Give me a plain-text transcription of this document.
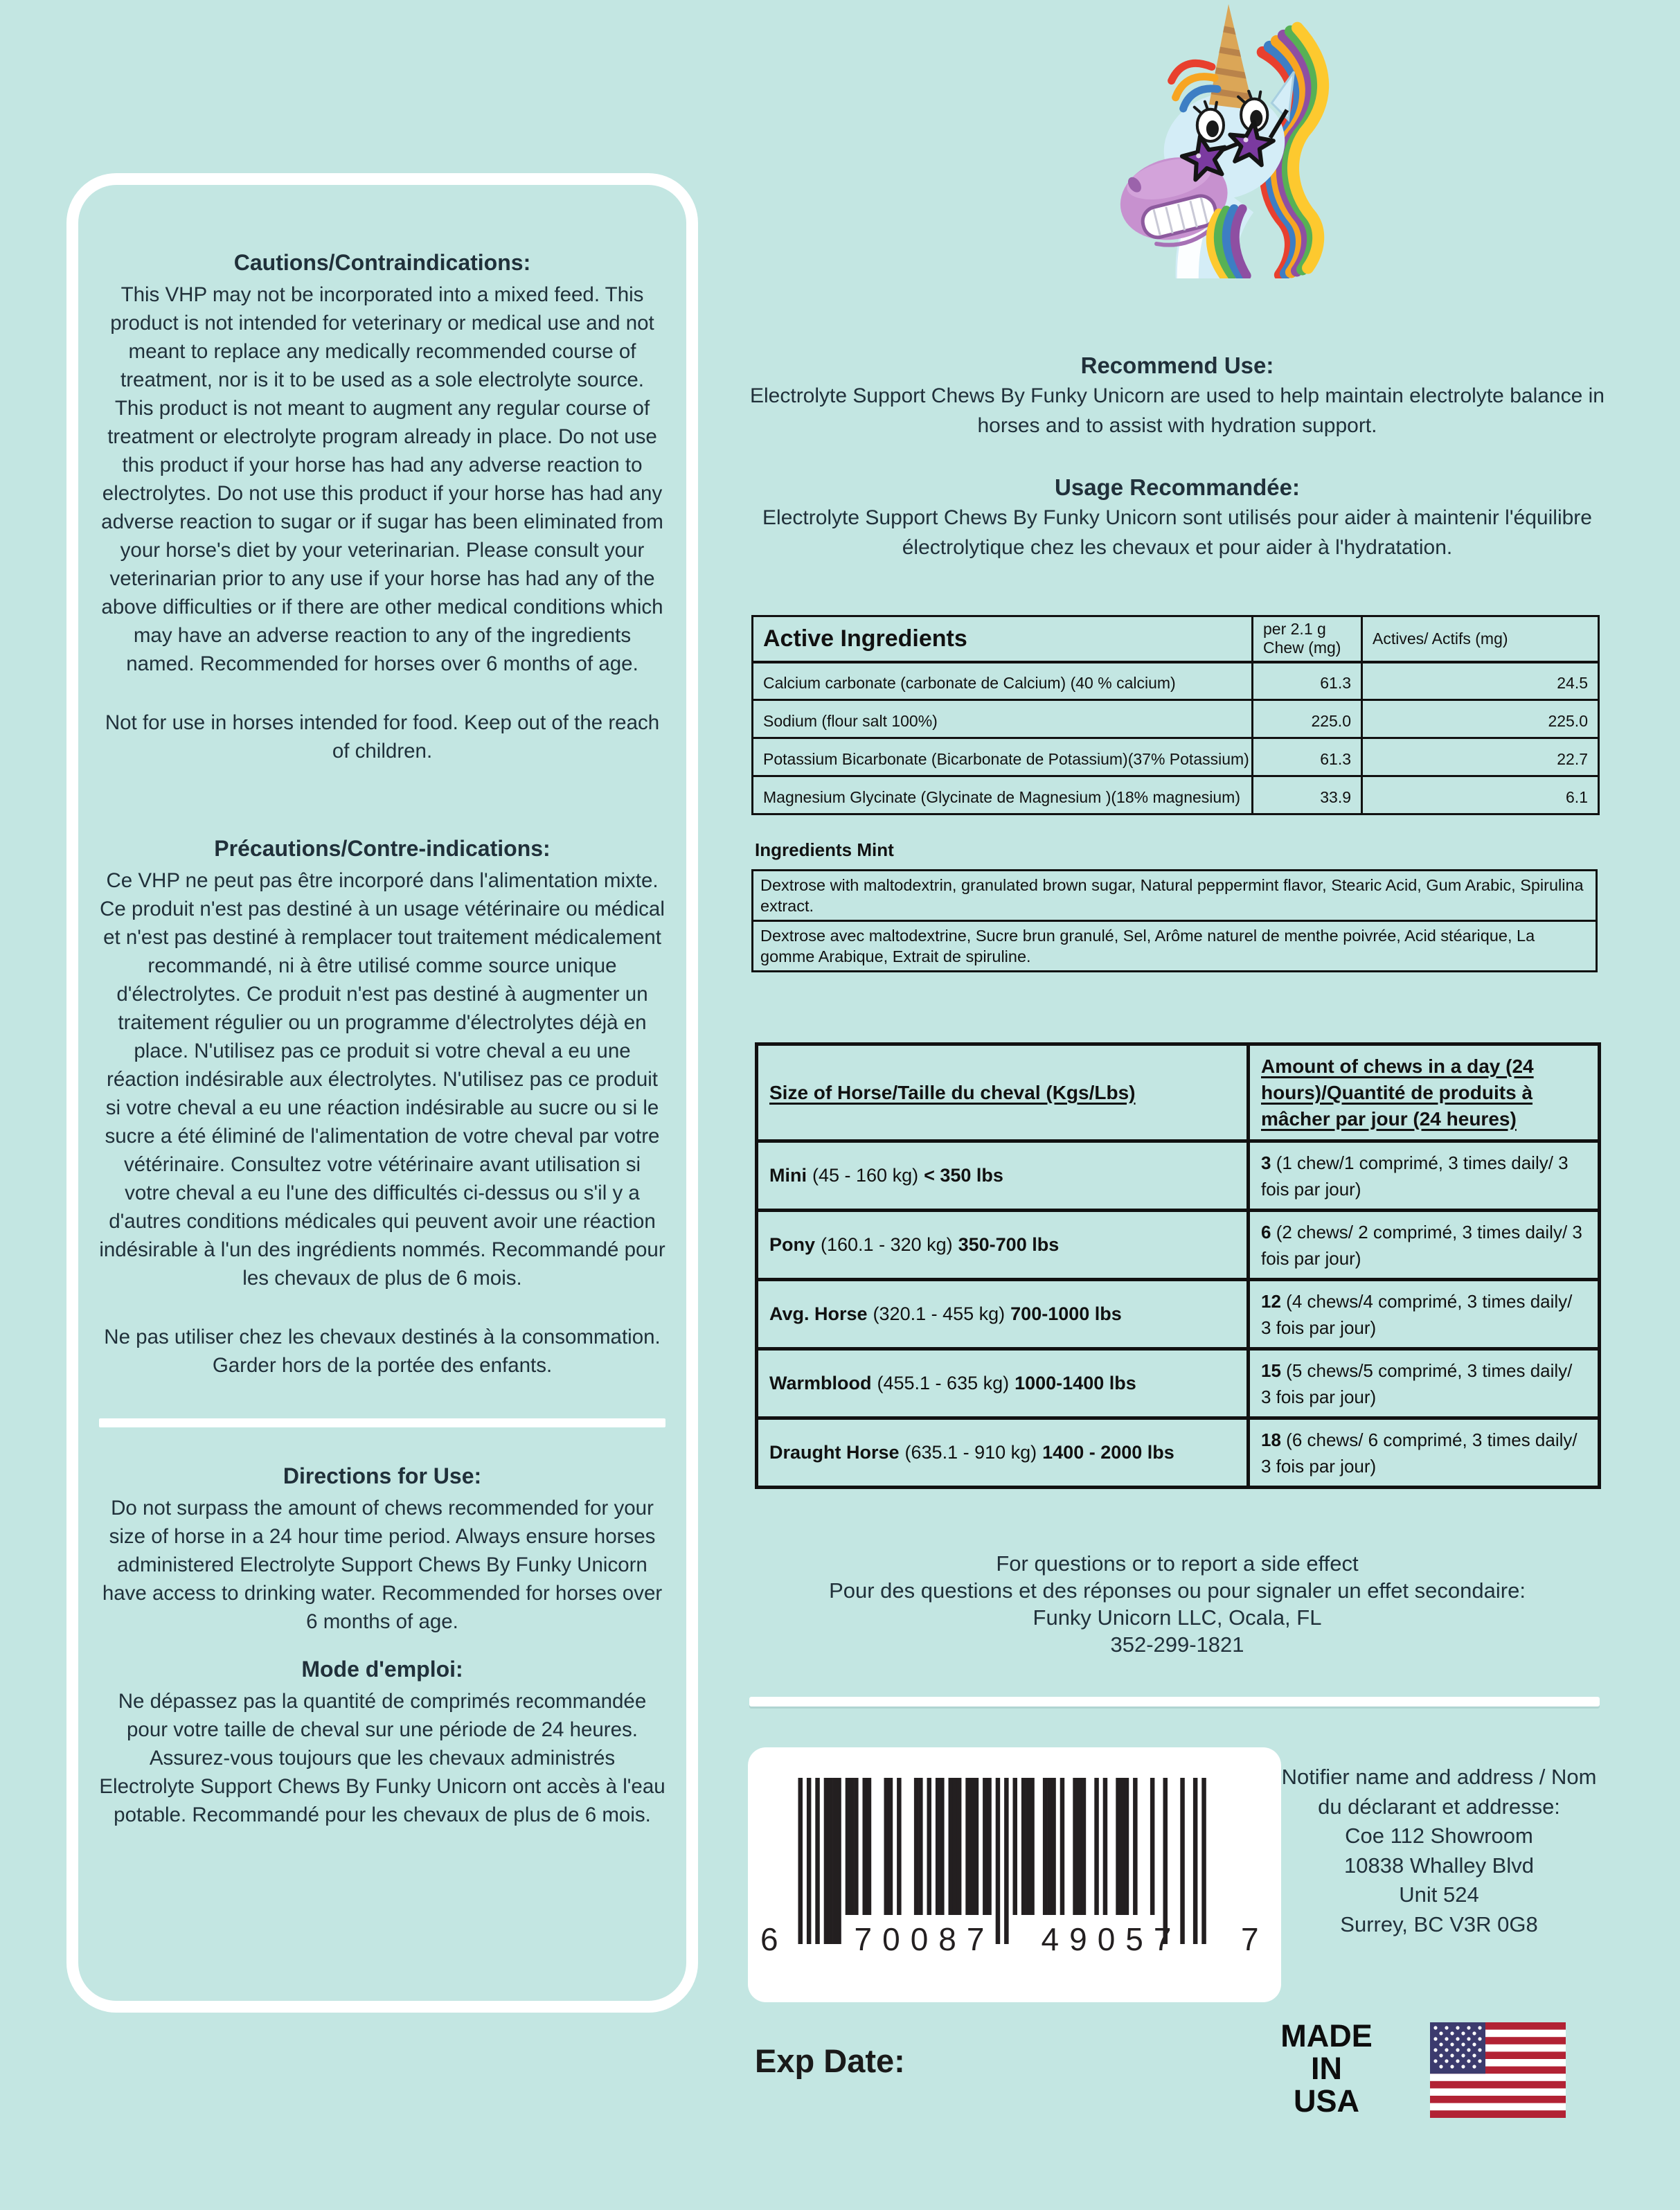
Cautions/Contraindications:

This VHP may not be incorporated into a mixed feed. This product is not intended for veterinary or medical use and not meant to replace any medically recommended course of treatment, nor is it to be used as a sole electrolyte source. This product is not meant to augment any regular course of treatment or electrolyte program already in place. Do not use this product if your horse has had any adverse reaction to electrolytes. Do not use this product if your horse has had any adverse reaction to sugar or if sugar has been eliminated from your horse's diet by your veterinarian. Please consult your veterinarian prior to any use if your horse has had any of the above difficulties or if there are other medical conditions which may have an adverse reaction to any of the ingredients named. Recommended for horses over 6 months of age.

Not for use in horses intended for food. Keep out of the reach of children.

Précautions/Contre-indications:

Ce VHP ne peut pas être incorporé dans l'alimentation mixte.

Ce produit n'est pas destiné à un usage vétérinaire ou médical et n'est pas destiné à remplacer tout traitement médicalement recommandé, ni à être utilisé comme source unique d'électrolytes. Ce produit n'est pas destiné à augmenter un traitement régulier ou un programme d'électrolytes déjà en place. N'utilisez pas ce produit si votre cheval a eu une réaction indésirable aux électrolytes. N'utilisez pas ce produit si votre cheval a eu une réaction indésirable au sucre ou si le sucre a été éliminé de l'alimentation de votre cheval par votre vétérinaire. Consultez votre vétérinaire avant utilisation si votre cheval a eu l'une des difficultés ci-dessus ou s'il y a d'autres conditions médicales qui peuvent avoir une réaction indésirable à l'un des ingrédients nommés. Recommandé pour les chevaux de plus de 6 mois.

Ne pas utiliser chez les chevaux destinés à la consommation. Garder hors de la portée des enfants.

Directions for Use:

Do not surpass the amount of chews recommended for your size of horse in a 24 hour time period. Always ensure horses administered Electrolyte Support Chews By Funky Unicorn have access to drinking water. Recommended for horses over 6 months of age.

Mode d'emploi:

Ne dépassez pas la quantité de comprimés recommandée pour votre taille de cheval sur une période de 24 heures. Assurez-vous toujours que les chevaux administrés Electrolyte Support Chews By Funky Unicorn ont accès à l'eau potable. Recommandé pour les chevaux de plus de 6 mois.

Recommend Use:

Electrolyte Support Chews By Funky Unicorn are used to help maintain electrolyte balance in horses and to assist with hydration support.

Usage Recommandée:

Electrolyte Support Chews By Funky Unicorn sont utilisés pour aider à maintenir l'équilibre électrolytique chez les chevaux et pour aider à l'hydratation.

Active Ingredients	per 2.1 g Chew (mg)	Actives/ Actifs (mg)
Calcium carbonate (carbonate de Calcium) (40 % calcium)	61.3	24.5
Sodium (flour salt 100%)	225.0	225.0
Potassium Bicarbonate (Bicarbonate de Potassium)(37% Potassium)	61.3	22.7
Magnesium Glycinate (Glycinate de Magnesium )(18% magnesium)	33.9	6.1
Ingredients Mint
Dextrose with maltodextrin, granulated brown sugar, Natural peppermint flavor, Stearic Acid, Gum Arabic, Spirulina extract.
Dextrose avec maltodextrine, Sucre brun granulé, Sel, Arôme naturel de menthe poivrée, Acid stéarique, La gomme Arabique, Extrait de spiruline.
Size of Horse/Taille du cheval (Kgs/Lbs)	Amount of chews in a day (24 hours)/Quantité de produits à mâcher par jour (24 heures)
Mini (45 - 160 kg) < 350 lbs	3 (1 chew/1 comprimé, 3 times daily/ 3 fois par jour)
Pony (160.1 - 320 kg) 350-700 lbs	6 (2 chews/ 2 comprimé, 3 times daily/ 3 fois par jour)
Avg. Horse (320.1 - 455 kg) 700-1000 lbs	12 (4 chews/4 comprimé, 3 times daily/ 3 fois par jour)
Warmblood (455.1 - 635 kg) 1000-1400 lbs	15 (5 chews/5 comprimé, 3 times daily/ 3 fois par jour)
Draught Horse (635.1 - 910 kg) 1400 - 2000 lbs	18 (6 chews/ 6 comprimé, 3 times daily/ 3 fois par jour)
For questions or to report a side effect
Pour des questions et des réponses ou pour signaler un effet secondaire:
Funky Unicorn LLC, Ocala, FL
352-299-1821
6	70087	49057	7
Notifier name and address / Nom
du déclarant et addresse:
Coe 112 Showroom
10838 Whalley Blvd
Unit 524
Surrey, BC V3R 0G8
Exp Date:
MADE
IN
USA
